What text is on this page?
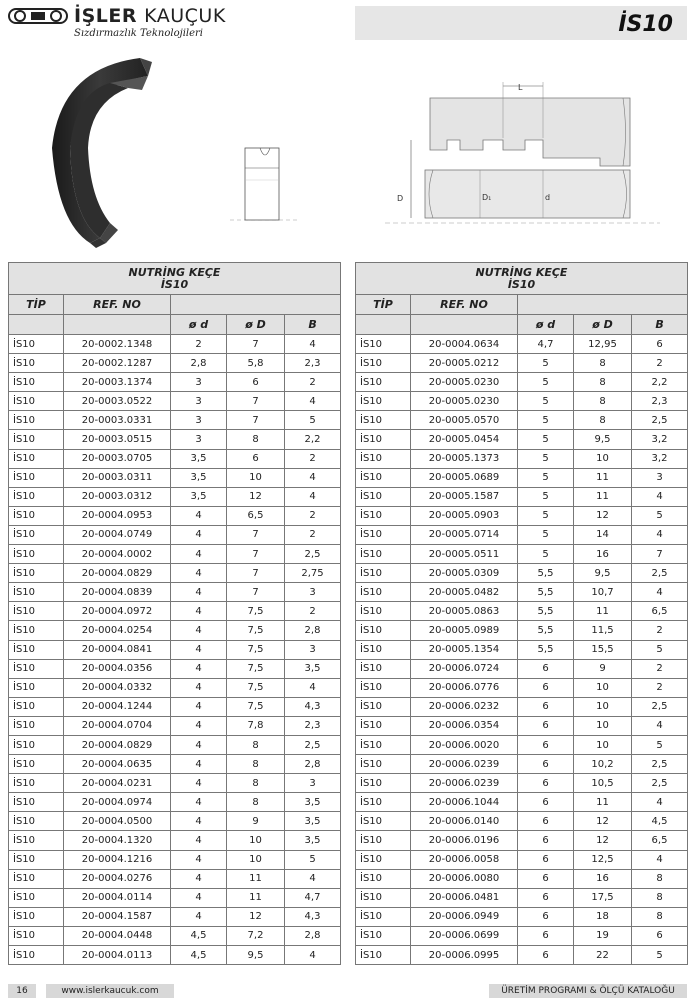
İŞLER KAUÇUK
Sızdırmazlık Teknolojileri	İS10
L
D	D₁	d
NUTRİNG KEÇE
İS10				
TİP	REF. NO			
		ø d	ø D	B
İS10	20-0002.1348	2	7	4
İS10	20-0002.1287	2,8	5,8	2,3
İS10	20-0003.1374	3	6	2
İS10	20-0003.0522	3	7	4
İS10	20-0003.0331	3	7	5
İS10	20-0003.0515	3	8	2,2
İS10	20-0003.0705	3,5	6	2
İS10	20-0003.0311	3,5	10	4
İS10	20-0003.0312	3,5	12	4
İS10	20-0004.0953	4	6,5	2
İS10	20-0004.0749	4	7	2
İS10	20-0004.0002	4	7	2,5
İS10	20-0004.0829	4	7	2,75
İS10	20-0004.0839	4	7	3
İS10	20-0004.0972	4	7,5	2
İS10	20-0004.0254	4	7,5	2,8
İS10	20-0004.0841	4	7,5	3
İS10	20-0004.0356	4	7,5	3,5
İS10	20-0004.0332	4	7,5	4
İS10	20-0004.1244	4	7,5	4,3
İS10	20-0004.0704	4	7,8	2,3
İS10	20-0004.0829	4	8	2,5
İS10	20-0004.0635	4	8	2,8
İS10	20-0004.0231	4	8	3
İS10	20-0004.0974	4	8	3,5
İS10	20-0004.0500	4	9	3,5
İS10	20-0004.1320	4	10	3,5
İS10	20-0004.1216	4	10	5
İS10	20-0004.0276	4	11	4
İS10	20-0004.0114	4	11	4,7
İS10	20-0004.1587	4	12	4,3
İS10	20-0004.0448	4,5	7,2	2,8
İS10	20-0004.0113	4,5	9,5	4
NUTRİNG KEÇE
İS10				
TİP	REF. NO			
		ø d	ø D	B
İS10	20-0004.0634	4,7	12,95	6
İS10	20-0005.0212	5	8	2
İS10	20-0005.0230	5	8	2,2
İS10	20-0005.0230	5	8	2,3
İS10	20-0005.0570	5	8	2,5
İS10	20-0005.0454	5	9,5	3,2
İS10	20-0005.1373	5	10	3,2
İS10	20-0005.0689	5	11	3
İS10	20-0005.1587	5	11	4
İS10	20-0005.0903	5	12	5
İS10	20-0005.0714	5	14	4
İS10	20-0005.0511	5	16	7
İS10	20-0005.0309	5,5	9,5	2,5
İS10	20-0005.0482	5,5	10,7	4
İS10	20-0005.0863	5,5	11	6,5
İS10	20-0005.0989	5,5	11,5	2
İS10	20-0005.1354	5,5	15,5	5
İS10	20-0006.0724	6	9	2
İS10	20-0006.0776	6	10	2
İS10	20-0006.0232	6	10	2,5
İS10	20-0006.0354	6	10	4
İS10	20-0006.0020	6	10	5
İS10	20-0006.0239	6	10,2	2,5
İS10	20-0006.0239	6	10,5	2,5
İS10	20-0006.1044	6	11	4
İS10	20-0006.0140	6	12	4,5
İS10	20-0006.0196	6	12	6,5
İS10	20-0006.0058	6	12,5	4
İS10	20-0006.0080	6	16	8
İS10	20-0006.0481	6	17,5	8
İS10	20-0006.0949	6	18	8
İS10	20-0006.0699	6	19	6
İS10	20-0006.0995	6	22	5
16	www.islerkaucuk.com	ÜRETİM PROGRAMI & ÖLÇÜ KATALOĞU
